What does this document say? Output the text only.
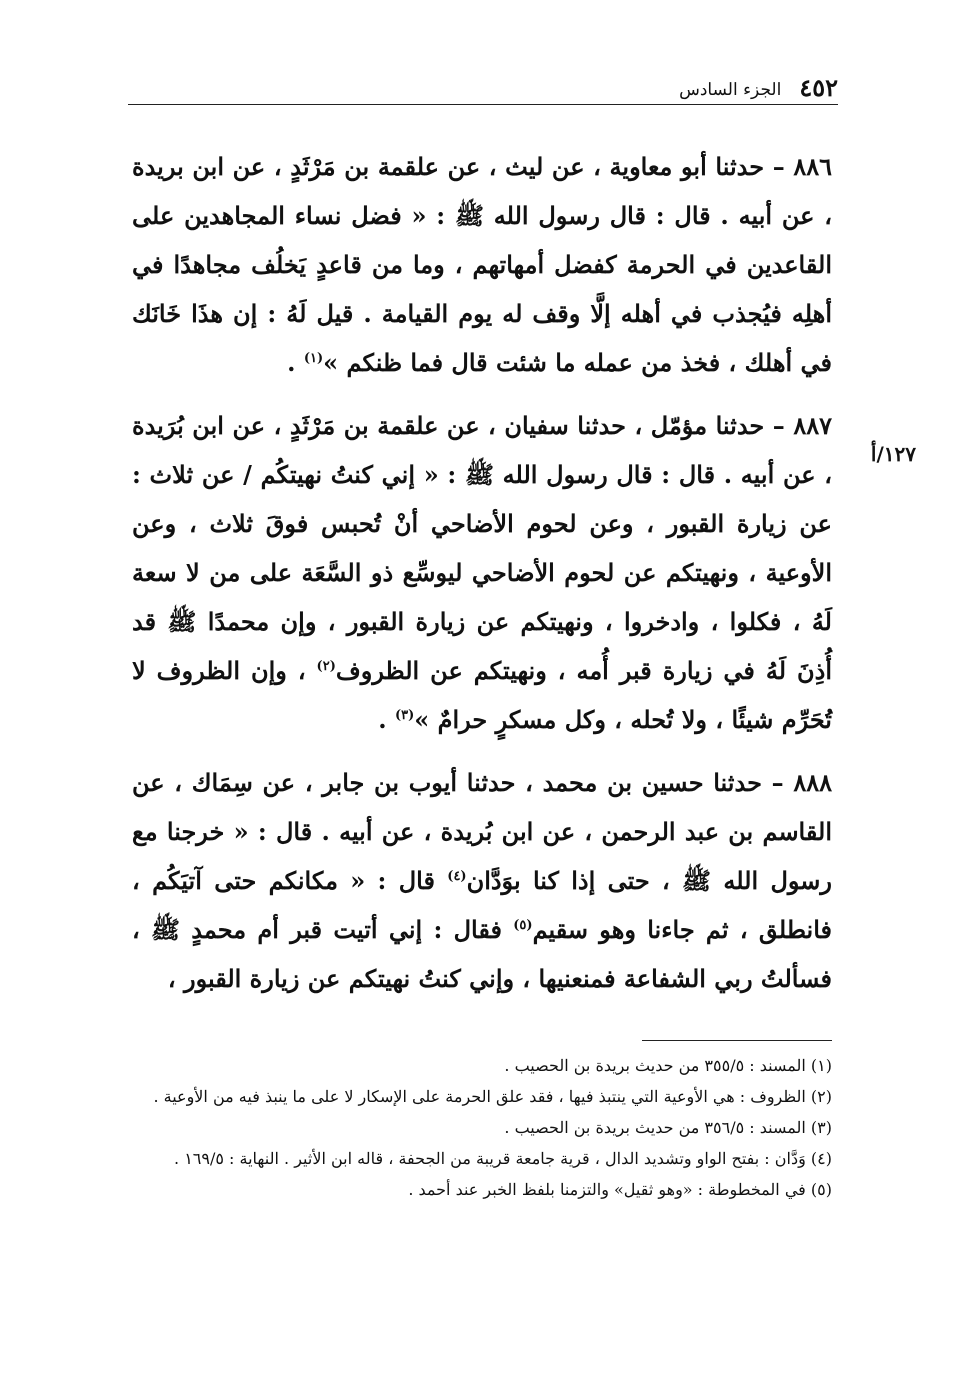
٤٥٢
الجزء السادس
١٢٧/أ

٨٨٦ – حدثنا أبو معاوية ، عن ليث ، عن علقمة بن مَرْثَدٍ ، عن ابن بريدة ، عن أبيه . قال : قال رسول الله ﷺ : « فضل نساء المجاهدين على القاعدين في الحرمة كفضل أمهاتهم ، وما من قاعدٍ يَخلُف مجاهدًا في أهلِه فيُجذب في أهله إلَّا وقف له يوم القيامة . قيل لَهُ : إن هذَا خَانَك في أهلك ، فخذ من عمله ما شئت قال فما ظنكم »$^{(١)}$ .

٨٨٧ – حدثنا مؤمّل ، حدثنا سفيان ، عن علقمة بن مَرْثَدٍ ، عن ابن بُرَيدة ، عن أبيه . قال : قال رسول الله ﷺ : « إني كنتُ نهيتكُم / عن ثلاث : عن زيارة القبور ، وعن لحوم الأضاحي أنْ تُحبس فوقَ ثلاث ، وعن الأوعية ، ونهيتكم عن لحوم الأضاحي ليوسِّع ذو السَّعَة على من لا سعة لَهُ ، فكلوا ، وادخروا ، ونهيتكم عن زيارة القبور ، وإن محمدًا ﷺ قد أُذِنَ لَهُ في زيارة قبر أُمه ، ونهيتكم عن الظروف$^{(٢)}$ ، وإن الظروف لا تُحَرِّم شيئًا ، ولا تُحله ، وكل مسكرٍ حرامٌ »$^{(٣)}$ .

٨٨٨ – حدثنا حسين بن محمد ، حدثنا أيوب بن جابر ، عن سِمَاك ، عن القاسم بن عبد الرحمن ، عن ابن بُريدة ، عن أبيه . قال : « خرجنا مع رسول الله ﷺ ، حتى إذا كنا بوَدَّان$^{(٤)}$ قال : « مكانكم حتى آتيَكُم ، فانطلق ، ثم جاءنا وهو سقيم$^{(٥)}$ فقال : إني أتيت قبر أم محمدٍ ﷺ ، فسألتُ ربي الشفاعة فمنعنيها ، وإني كنتُ نهيتكم عن زيارة القبور ،

(١) المسند : ٣٥٥/٥ من حديث بريدة بن الحصيب .

(٢) الظروف : هي الأوعية التي ينتبذ فيها ، فقد علق الحرمة على الإسكار لا على ما ينبذ فيه من الأوعية .

(٣) المسند : ٣٥٦/٥ من حديث بريدة بن الحصيب .

(٤) وَدَّان : بفتح الواو وتشديد الدال ، قرية جامعة قريبة من الجحفة ، قاله ابن الأثير . النهاية : ١٦٩/٥ .

(٥) في المخطوطة : «وهو ثقيل» والتزمنا بلفظ الخبر عند أحمد .
